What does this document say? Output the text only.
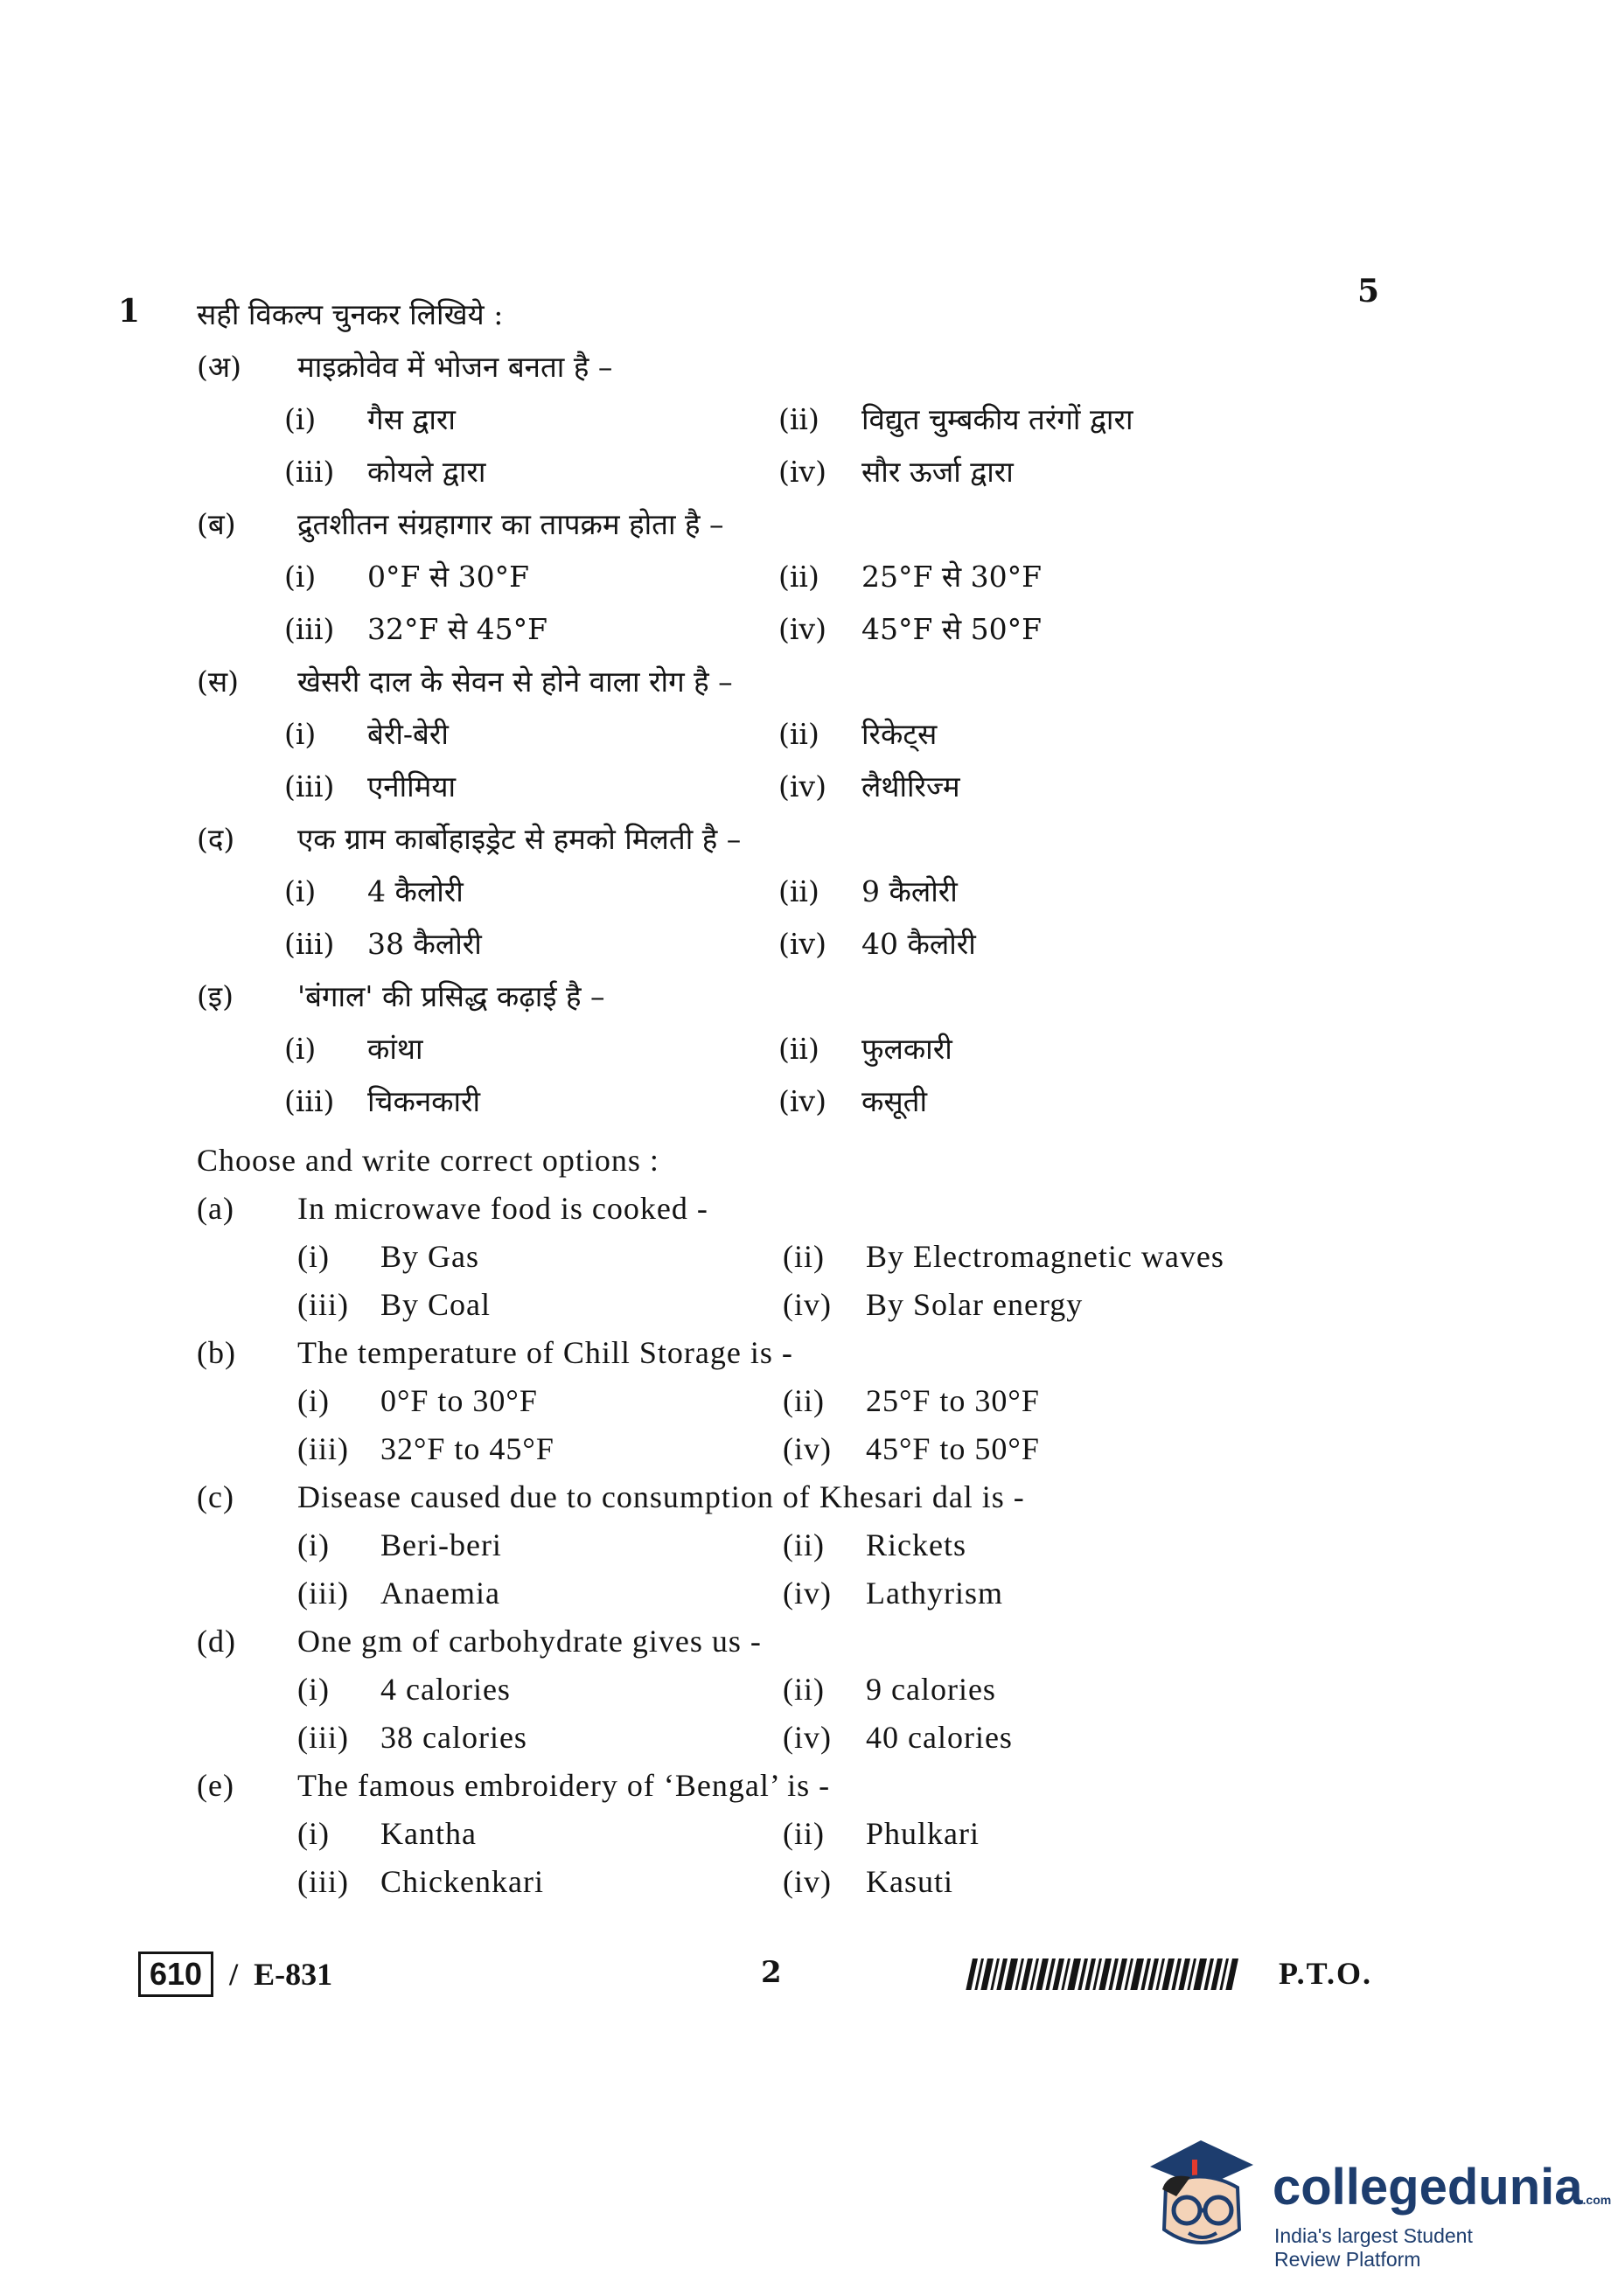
1
5
सही विकल्प चुनकर लिखिये :
(अ)	माइक्रोवेव में भोजन बनता है –
(i)	गैस द्वारा	(ii)	विद्युत चुम्बकीय तरंगों द्वारा
(iii)	कोयले द्वारा	(iv)	सौर ऊर्जा द्वारा
(ब)	द्रुतशीतन संग्रहागार का तापक्रम होता है –
(i)	0°F से 30°F	(ii)	25°F से 30°F
(iii)	32°F से 45°F	(iv)	45°F से 50°F
(स)	खेसरी दाल के सेवन से होने वाला रोग है –
(i)	बेरी-बेरी	(ii)	रिकेट्स
(iii)	एनीमिया	(iv)	लैथीरिज्म
(द)	एक ग्राम कार्बोहाइड्रेट से हमको मिलती है –
(i)	4 कैलोरी	(ii)	9 कैलोरी
(iii)	38 कैलोरी	(iv)	40 कैलोरी
(इ)	'बंगाल' की प्रसिद्ध कढ़ाई है –
(i)	कांथा	(ii)	फुलकारी
(iii)	चिकनकारी	(iv)	कसूती
Choose and write correct options :
(a)	In microwave food is cooked -
(i)	By Gas	(ii)	By Electromagnetic waves
(iii)	By Coal	(iv)	By Solar energy
(b)	The temperature of Chill Storage is -
(i)	0°F to 30°F	(ii)	25°F to 30°F
(iii)	32°F to 45°F	(iv)	45°F to 50°F
(c)	Disease caused due to consumption of Khesari dal is -
(i)	Beri-beri	(ii)	Rickets
(iii)	Anaemia	(iv)	Lathyrism
(d)	One gm of carbohydrate gives us -
(i)	4 calories	(ii)	9 calories
(iii)	38 calories	(iv)	40 calories
(e)	The famous embroidery of ‘Bengal’ is -
(i)	Kantha	(ii)	Phulkari
(iii)	Chickenkari	(iv)	Kasuti
610 / E-831	2	P.T.O.
collegedunia.com
India's largest Student Review Platform
